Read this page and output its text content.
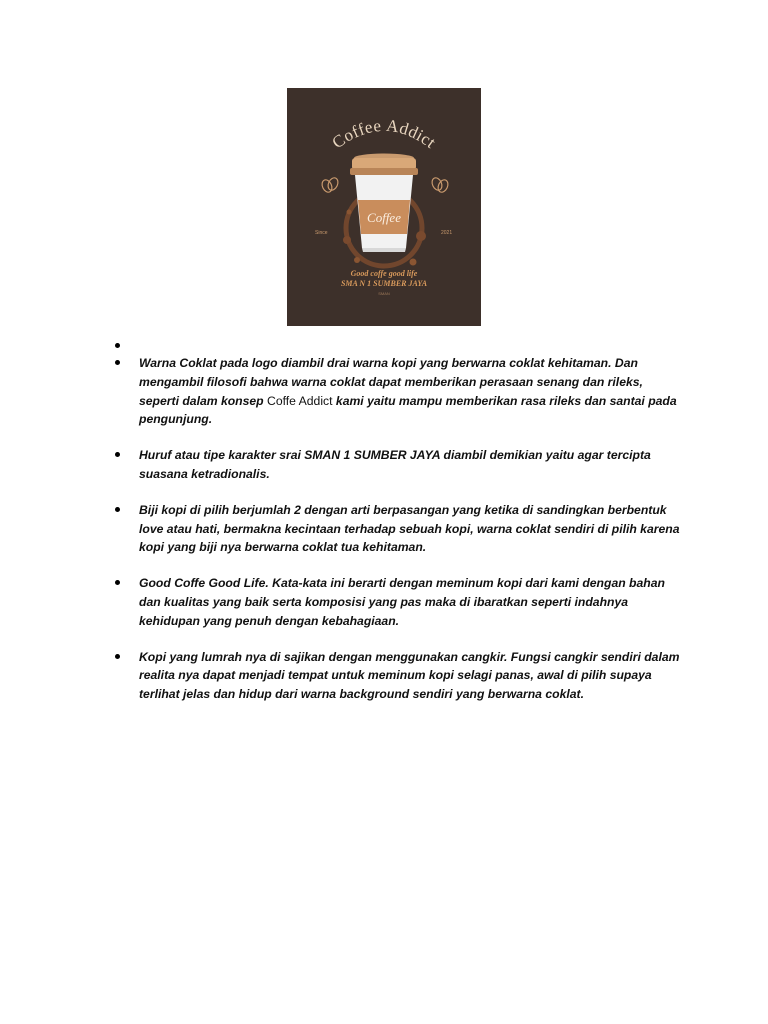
Coffee Addict
Coffee
Since	2021
Good coffe good life
SMA N 1 SUMBER JAYA
SMAN
Warna Coklat pada logo diambil drai warna kopi yang berwarna coklat kehitaman. Dan mengambil filosofi bahwa warna coklat dapat memberikan perasaan senang dan rileks, seperti dalam konsep Coffe Addict kami yaitu mampu memberikan rasa rileks dan santai pada pengunjung.
Huruf atau tipe karakter srai SMAN 1 SUMBER JAYA diambil demikian yaitu agar tercipta suasana ketradionalis.
Biji kopi di pilih berjumlah 2 dengan arti berpasangan yang ketika di sandingkan berbentuk love atau hati, bermakna kecintaan terhadap sebuah kopi, warna coklat sendiri di pilih karena kopi yang biji nya berwarna coklat tua kehitaman.
Good Coffe Good Life. Kata-kata ini berarti dengan meminum kopi dari kami dengan bahan dan kualitas yang baik serta komposisi yang pas maka di ibaratkan seperti indahnya kehidupan yang penuh dengan kebahagiaan.
Kopi yang lumrah nya di sajikan dengan menggunakan cangkir. Fungsi cangkir sendiri dalam realita nya dapat menjadi tempat untuk meminum kopi selagi panas, awal di pilih supaya terlihat jelas dan hidup dari warna background sendiri yang berwarna coklat.
